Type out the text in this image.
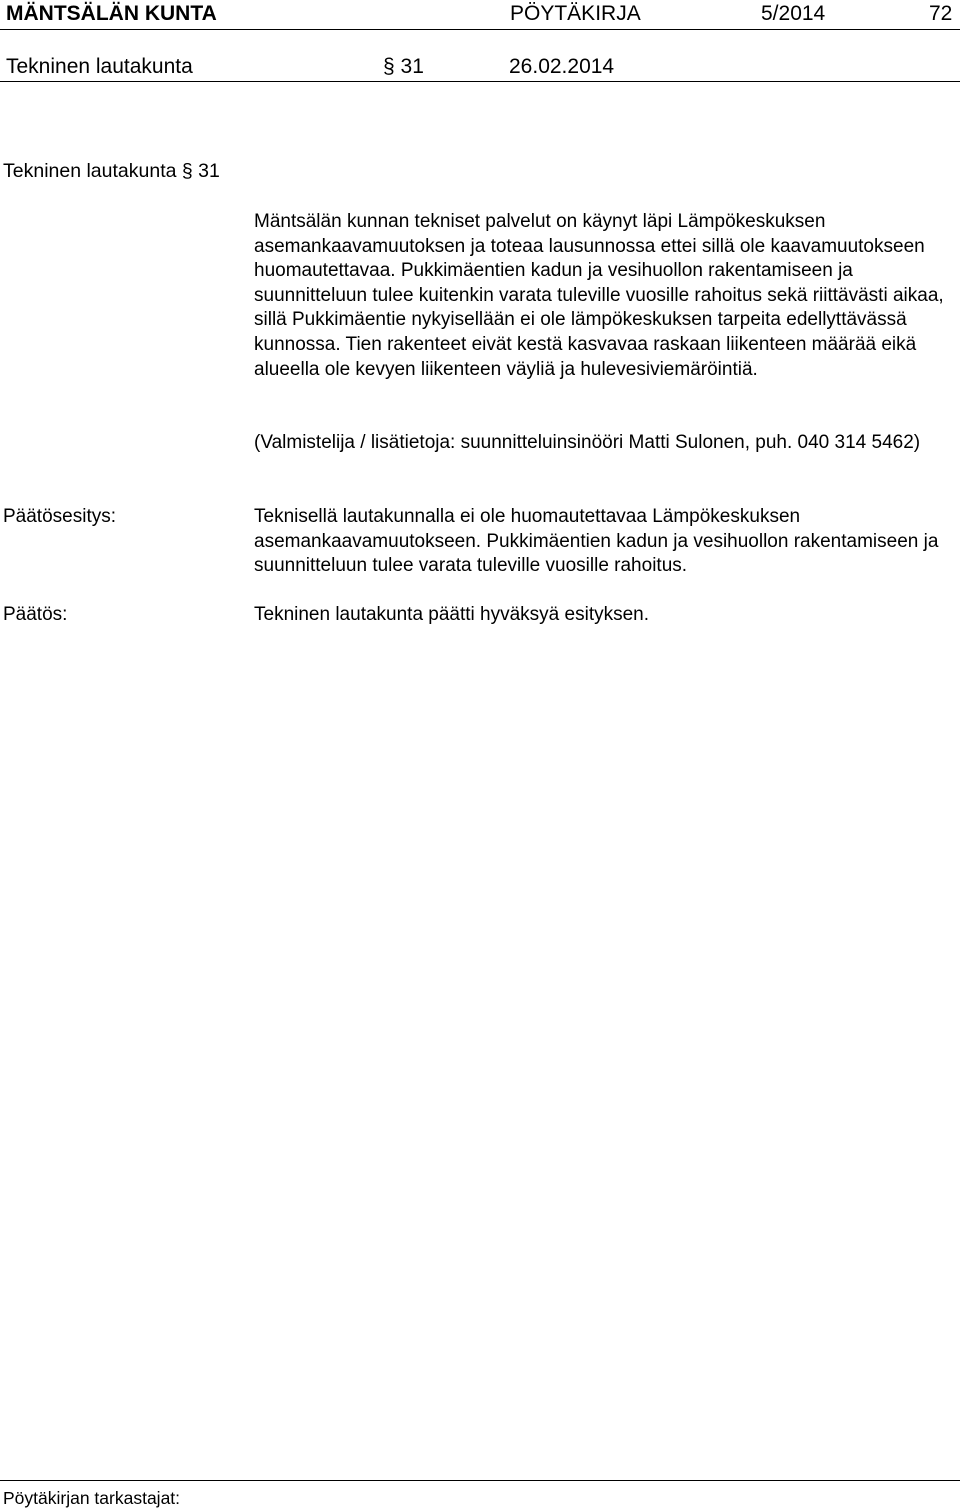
MÄNTSÄLÄN KUNTA	PÖYTÄKIRJA	5/2014	72
Tekninen lautakunta	§ 31	26.02.2014
Tekninen lautakunta § 31
Mäntsälän kunnan tekniset palvelut on käynyt läpi Lämpökeskuksen asemankaavamuutoksen ja toteaa lausunnossa ettei sillä ole kaavamuutokseen huomautettavaa. Pukkimäentien kadun ja vesihuollon rakentamiseen ja suunnitteluun tulee kuitenkin varata tuleville vuosille rahoitus sekä riittävästi aikaa, sillä Pukkimäentie nykyisellään ei ole lämpökeskuksen tarpeita edellyttävässä kunnossa. Tien rakenteet eivät kestä kasvavaa raskaan liikenteen määrää eikä alueella ole kevyen liikenteen väyliä ja hulevesiviemäröintiä.
(Valmistelija / lisätietoja: suunnitteluinsinööri Matti Sulonen, puh. 040 314 5462)
Päätösesitys:	Teknisellä lautakunnalla ei ole huomautettavaa Lämpökeskuksen asemankaavamuutokseen. Pukkimäentien kadun ja vesihuollon rakentamiseen ja suunnitteluun tulee varata tuleville vuosille rahoitus.
Päätös:	Tekninen lautakunta päätti hyväksyä esityksen.
Pöytäkirjan tarkastajat:
